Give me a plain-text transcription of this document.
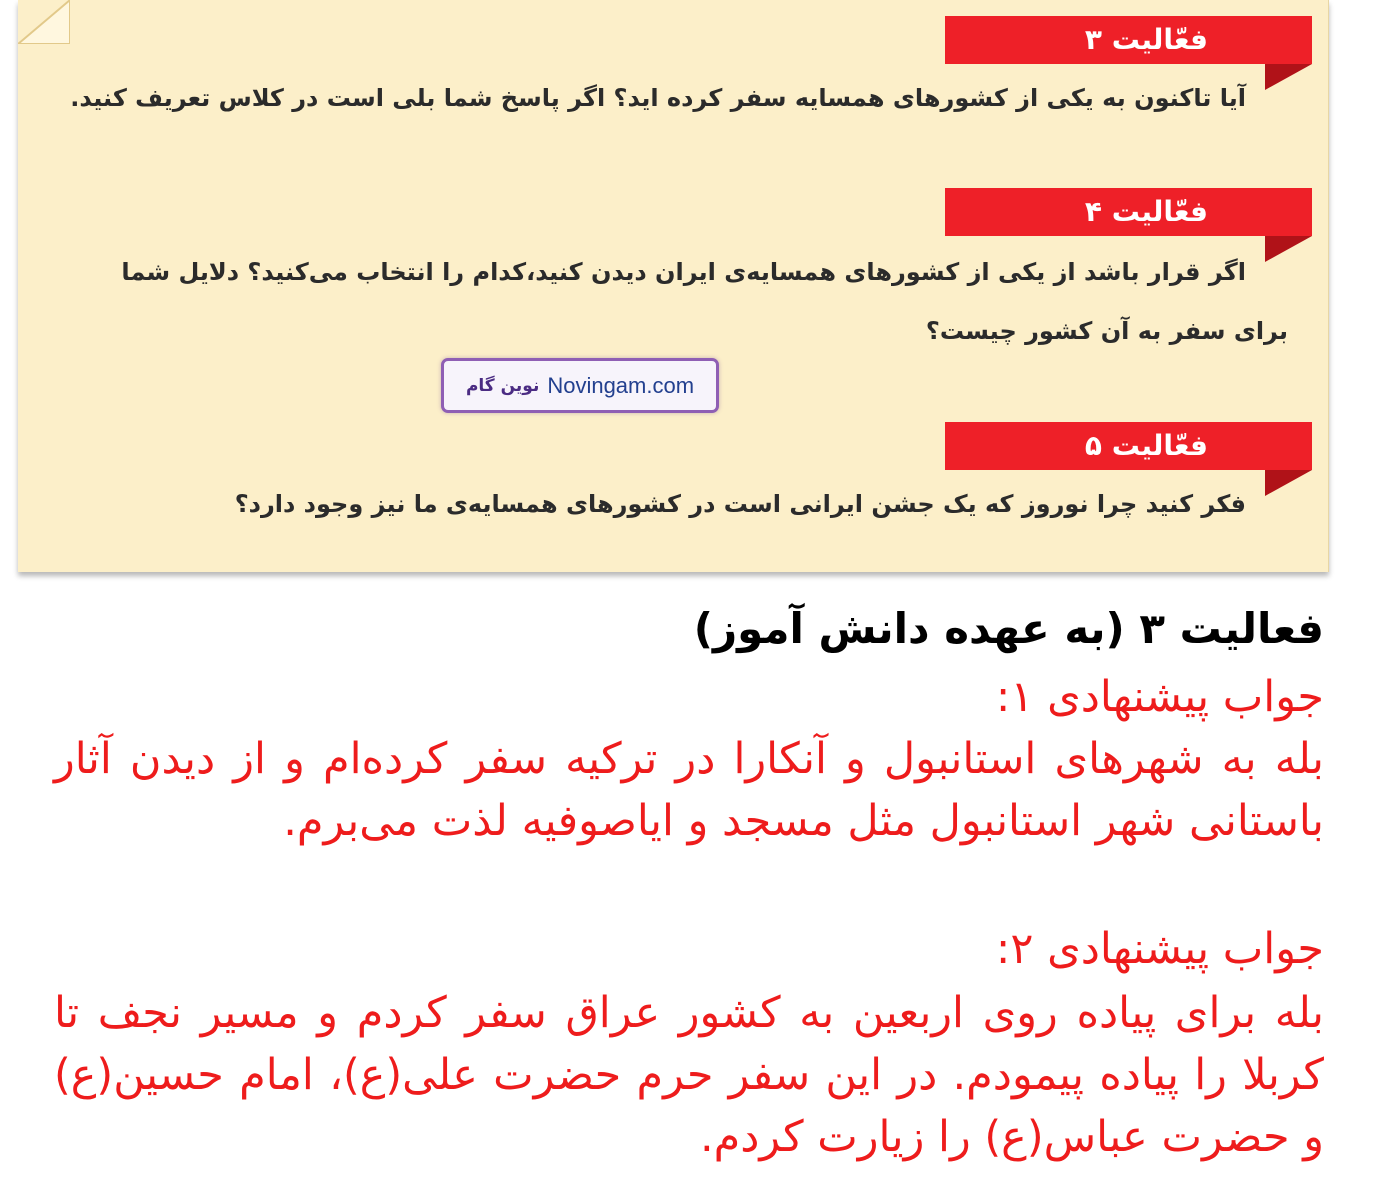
فعّالیت ۳
آیا تاکنون به یکی از کشورهای همسایه سفر کرده اید؟ اگر پاسخ شما بلی است در کلاس تعریف کنید.
فعّالیت ۴
اگر قرار باشد از یکی از کشورهای همسایه‌ی ایران دیدن کنید،کدام را انتخاب می‌کنید؟ دلایل شما
برای سفر به آن کشور چیست؟
فعّالیت ۵
فکر کنید چرا نوروز که یک جشن ایرانی است در کشورهای همسایه‌ی ما نیز وجود دارد؟
نوین گام Novingam.com
فعالیت ۳ (به عهده دانش آموز)
جواب پیشنهادی ۱:
بله به شهرهای استانبول و آنکارا در ترکیه سفر کرده‌ام و از دیدن آثار باستانی شهر استانبول مثل مسجد و ایاصوفیه لذت می‌برم.
جواب پیشنهادی ۲:
بله برای پیاده روی اربعین به کشور عراق سفر کردم و مسیر نجف تا کربلا را پیاده پیمودم. در این سفر حرم حضرت علی(ع)، امام حسین(ع) و حضرت عباس(ع) را زیارت کردم.
